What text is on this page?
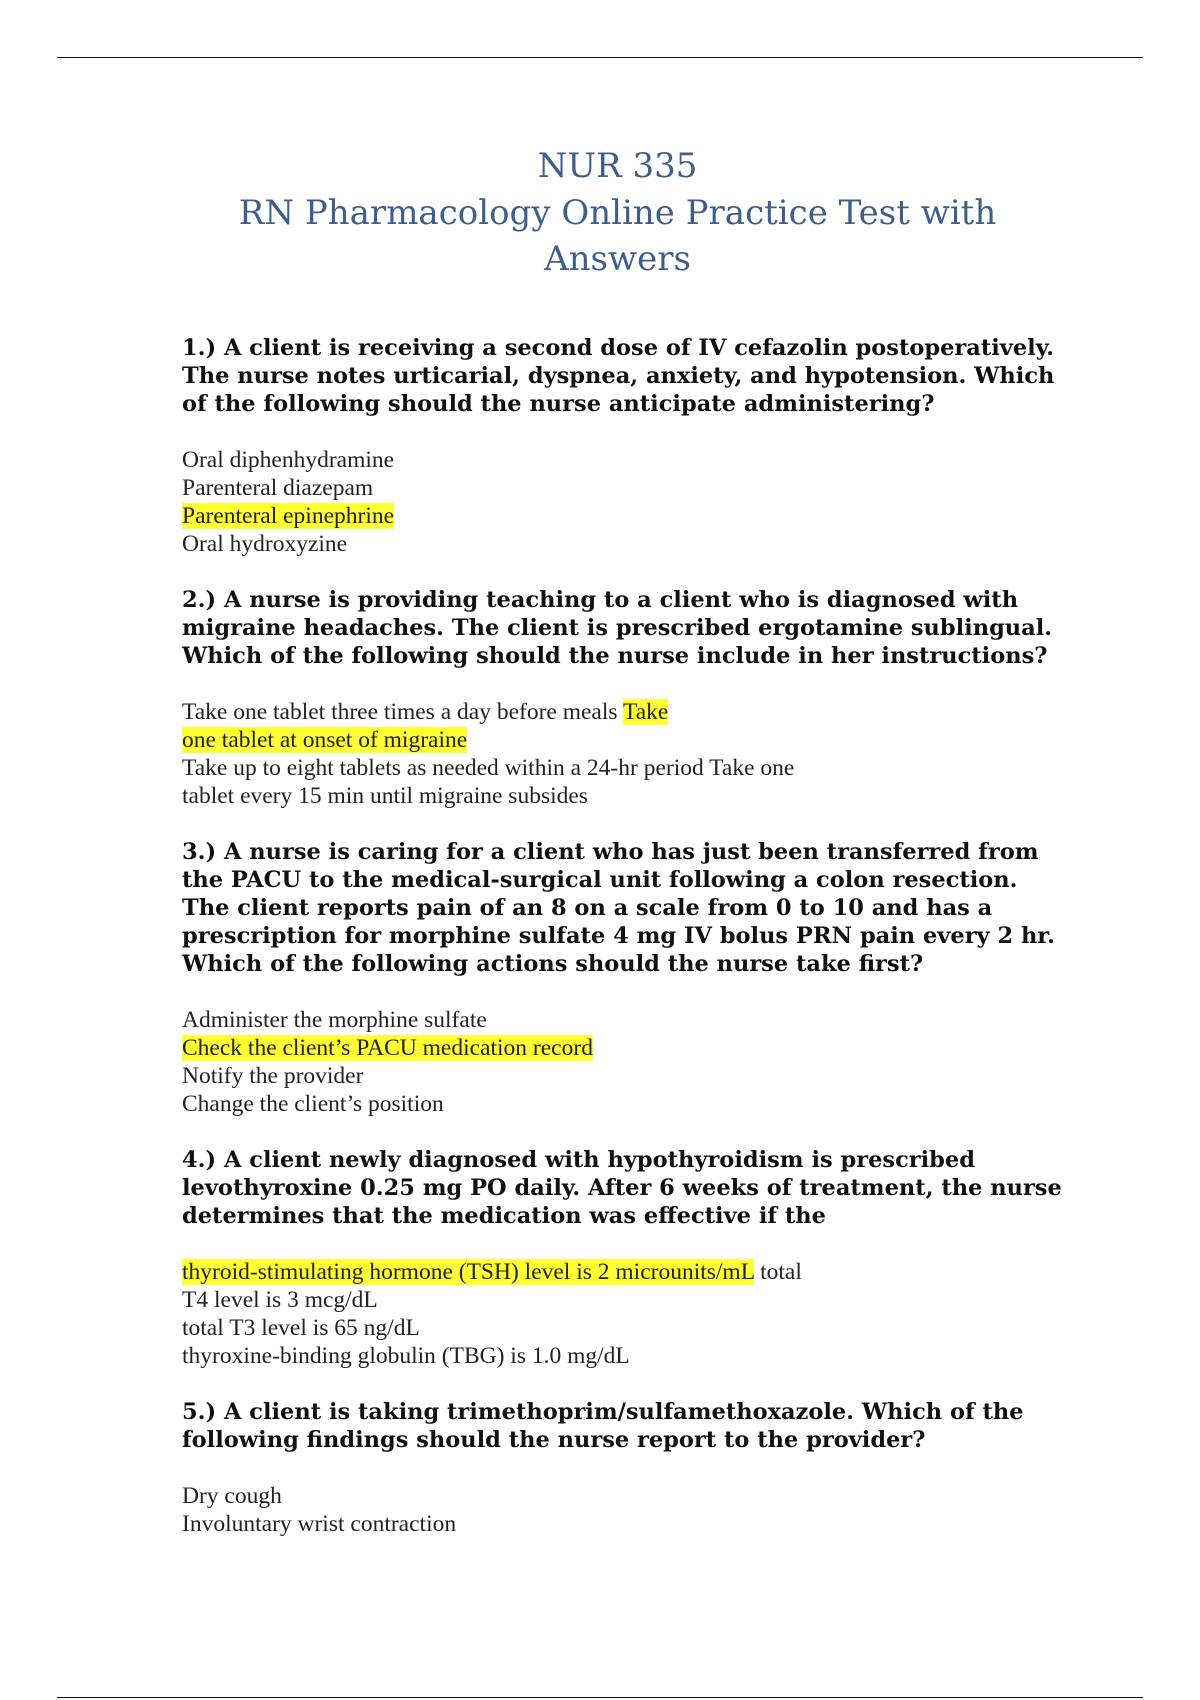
NUR 335

RN Pharmacology Online Practice Test with

Answers

1.) A client is receiving a second dose of IV cefazolin postoperatively. The nurse notes urticarial, dyspnea, anxiety, and hypotension. Which of the following should the nurse anticipate administering?

Oral diphenhydramine
Parenteral diazepam
Parenteral epinephrine
Oral hydroxyzine

2.) A nurse is providing teaching to a client who is diagnosed with migraine headaches. The client is prescribed ergotamine sublingual. Which of the following should the nurse include in her instructions?

Take one tablet three times a day before meals Take
one tablet at onset of migraine
Take up to eight tablets as needed within a 24-hr period Take one
tablet every 15 min until migraine subsides

3.) A nurse is caring for a client who has just been transferred from the PACU to the medical-surgical unit following a colon resection. The client reports pain of an 8 on a scale from 0 to 10 and has a prescription for morphine sulfate 4 mg IV bolus PRN pain every 2 hr. Which of the following actions should the nurse take first?

Administer the morphine sulfate
Check the client’s PACU medication record
Notify the provider
Change the client’s position

4.) A client newly diagnosed with hypothyroidism is prescribed levothyroxine 0.25 mg PO daily. After 6 weeks of treatment, the nurse determines that the medication was effective if the

thyroid-stimulating hormone (TSH) level is 2 microunits/mL total
T4 level is 3 mcg/dL
total T3 level is 65 ng/dL
thyroxine-binding globulin (TBG) is 1.0 mg/dL

5.) A client is taking trimethoprim/sulfamethoxazole. Which of the following findings should the nurse report to the provider?

Dry cough
Involuntary wrist contraction
